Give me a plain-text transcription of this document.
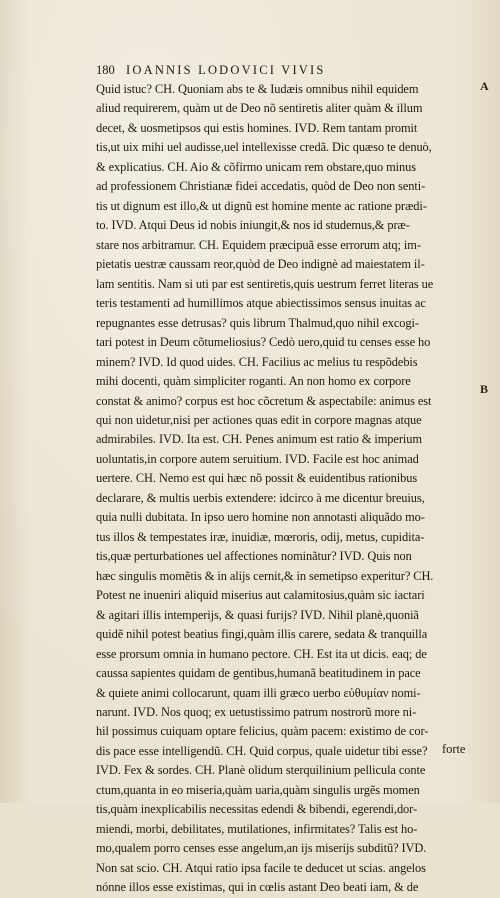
180 IOANNIS LODOVICI VIVIS
A
B
Quid istuc? CH. Quoniam abs te & Iudæis omnibus nihil equidem
aliud requirerem, quàm ut de Deo nõ sentiretis aliter quàm & illum
decet, & uosmetipsos qui estis homines. IVD. Rem tantam promit
tis,ut uix mihi uel audisse,uel intellexisse credã. Dic quæso te denuò,
& explicatius. CH. Aio & cõfirmo unicam rem obstare,quo minus
ad professionem Christianæ fidei accedatis, quòd de Deo non senti-
tis ut dignum est illo,& ut dignũ est homine mente ac ratione prædi-
to. IVD. Atqui Deus id nobis iniungit,& nos id studemus,& præ-
stare nos arbitramur. CH. Equidem præcipuã esse errorum atq; im-
pietatis uestræ caussam reor,quòd de Deo indignè ad maiestatem il-
lam sentitis. Nam si uti par est sentiretis,quis uestrum ferret literas ue
teris testamenti ad humillimos atque abiectissimos sensus inuitas ac
repugnantes esse detrusas? quis librum Thalmud,quo nihil excogi-
tari potest in Deum cõtumeliosius? Cedò uero,quid tu censes esse ho
minem? IVD. Id quod uides. CH. Facilius ac melius tu respõdebis
mihi docenti, quàm simpliciter roganti. An non homo ex corpore
constat & animo? corpus est hoc cõcretum & aspectabile: animus est
qui non uidetur,nisi per actiones quas edit in corpore magnas atque
admirabiles. IVD. Ita est. CH. Penes animum est ratio & imperium
uoluntatis,in corpore autem seruitium. IVD. Facile est hoc animad
uertere. CH. Nemo est qui hæc nõ possit & euidentibus rationibus
declarare, & multis uerbis extendere: idcirco à me dicentur breuius,
quia nulli dubitata. In ipso uero homine non annotasti aliquãdo mo-
tus illos & tempestates iræ, inuidiæ, mœroris, odij, metus, cupidita-
tis,quæ perturbationes uel affectiones nominãtur? IVD. Quis non
hæc singulis momẽtis & in alijs cernit,& in semetipso experitur? CH.
Potest ne inueniri aliquid miserius aut calamitosius,quàm sic iactari
& agitari illis intemperijs, & quasi furijs? IVD. Nihil planè,quoniã
quidẽ nihil potest beatius fingi,quàm illis carere, sedata & tranquilla
esse prorsum omnia in humano pectore. CH. Est ita ut dicis. eaq; de
caussa sapientes quidam de gentibus,humanã beatitudinem in pace
& quiete animi collocarunt, quam illi græco uerbo εὐθυμίαν nomi-
narunt. IVD. Nos quoq; ex uetustissimo patrum nostrorũ more ni-
hil possimus cuiquam optare felicius, quàm pacem: existimo de cor-
dis pace esse intelligendũ. CH. Quid corpus, quale uidetur tibi esse?
IVD. Fex & sordes. CH. Planè olidum sterquilinium pellicula conte
ctum,quanta in eo miseria,quàm uaria,quàm singulis urgẽs momen
tis,quàm inexplicabilis necessitas edendi & bibendi, egerendi,dor-
miendi, morbi, debilitates, mutilationes, infirmitates? Talis est ho-
mo,qualem porro censes esse angelum,an ijs miserijs subditũ? IVD.
Non sat scio. CH. Atqui ratio ipsa facile te deducet ut scias. angelos
nónne illos esse existimas, qui in cœlis astant Deo beati iam, & de
forte
